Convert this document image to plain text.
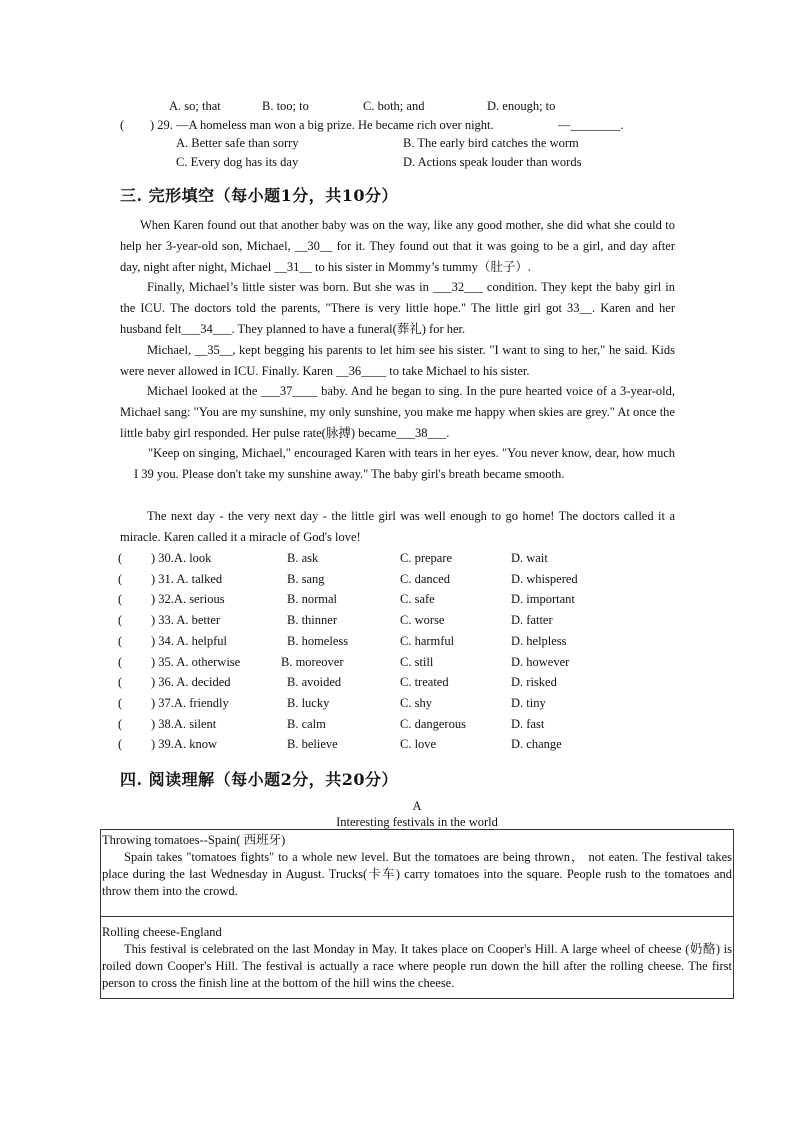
A. so; that	B. too; to	C. both; and	D. enough; to
( ) 29. —A homeless man won a big prize. He became rich over night.	—________.
A. Better safe than sorry	B. The early bird catches the worm
C. Every dog has its day	D. Actions speak louder than words
三. 完形填空（每小题1分，共10分）

When Karen found out that another baby was on the way, like any good mother, she did what she could to help her 3-year-old son, Michael, __30__ for it. They found out that it was going to be a girl, and day after day, night after night, Michael __31__ to his sister in Mommy’s tummy（肚子）.

Finally, Michael’s little sister was born. But she was in ___32___ condition. They kept the baby girl in the ICU. The doctors told the parents, "There is very little hope." The little girl got 33__. Karen and her husband felt___34___. They planned to have a funeral(葬礼) for her.

Michael, __35__, kept begging his parents to let him see his sister. "I want to sing to her," he said. Kids were never allowed in ICU. Finally. Karen __36____ to take Michael to his sister.

Michael looked at the ___37____ baby. And he began to sing. In the pure hearted voice of a 3-year-old, Michael sang: "You are my sunshine, my only sunshine, you make me happy when skies are grey." At once the little baby girl responded. Her pulse rate(脉搏) became___38___.

"Keep on singing, Michael," encouraged Karen with tears in her eyes. "You never know, dear, how much I 39 you. Please don't take my sunshine away." The baby girl's breath became smooth.

The next day - the very next day - the little girl was well enough to go home! The doctors called it a miracle. Karen called it a miracle of God's love!

( ) 30.A. look	B. ask	C. prepare	D. wait
( ) 31. A. talked	B. sang	C. danced	D. whispered
( ) 32.A. serious	B. normal	C. safe	D. important
( ) 33. A. better	B. thinner	C. worse	D. fatter
( ) 34. A. helpful	B. homeless	C. harmful	D. helpless
( ) 35. A. otherwise	B. moreover	C. still	D. however
( ) 36. A. decided	B. avoided	C. treated	D. risked
( ) 37.A. friendly	B. lucky	C. shy	D. tiny
( ) 38.A. silent	B. calm	C. dangerous	D. fast
( ) 39.A. know	B. believe	C. love	D. change
四. 阅读理解（每小题2分，共20分）
A
Interesting festivals in the world
Throwing tomatoes--Spain( 西班牙)

Spain takes "tomatoes fights" to a whole new level. But the tomatoes are being thrown， not eaten. The festival takes place during the last Wednesday in August. Trucks(卡车) carry tomatoes into the square. People rush to the tomatoes and throw them into the crowd.

Rolling cheese-England

This festival is celebrated on the last Monday in May. It takes place on Cooper's Hill. A large wheel of cheese (奶酪) is roiled down Cooper's Hill. The festival is actually a race where people run down the hill after the rolling cheese. The first person to cross the finish line at the bottom of the hill wins the cheese.
